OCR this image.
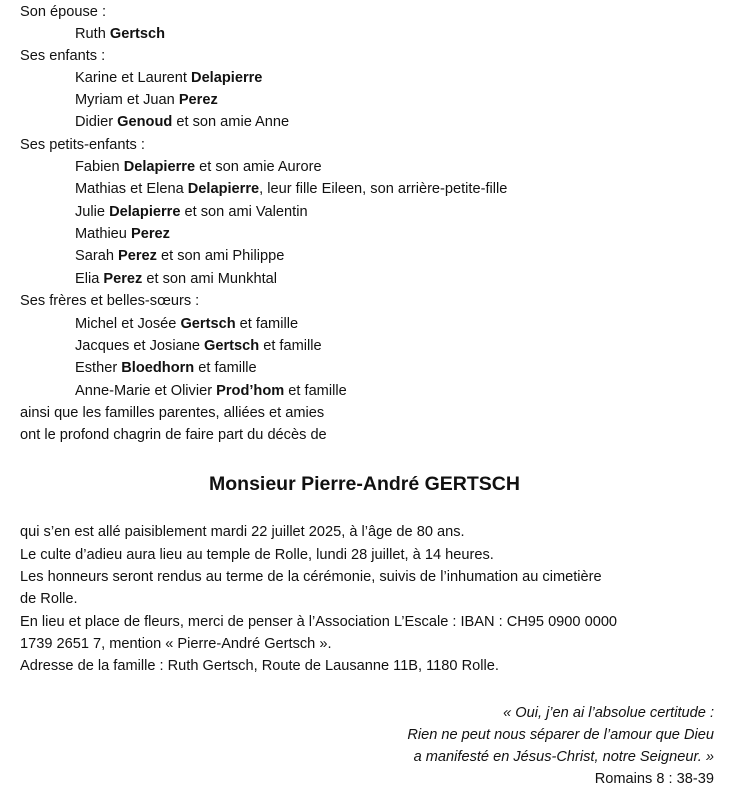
Son épouse :
Ruth Gertsch
Ses enfants :
Karine et Laurent Delapierre
Myriam et Juan Perez
Didier Genoud et son amie Anne
Ses petits-enfants :
Fabien Delapierre et son amie Aurore
Mathias et Elena Delapierre, leur fille Eileen, son arrière-petite-fille
Julie Delapierre et son ami Valentin
Mathieu Perez
Sarah Perez et son ami Philippe
Elia Perez et son ami Munkhtal
Ses frères et belles-sœurs :
Michel et Josée Gertsch et famille
Jacques et Josiane Gertsch et famille
Esther Bloedhorn et famille
Anne-Marie et Olivier Prod’hom et famille
ainsi que les familles parentes, alliées et amies
ont le profond chagrin de faire part du décès de
Monsieur Pierre-André GERTSCH
qui s’en est allé paisiblement mardi 22 juillet 2025, à l’âge de 80 ans.
Le culte d’adieu aura lieu au temple de Rolle, lundi 28 juillet, à 14 heures.
Les honneurs seront rendus au terme de la cérémonie, suivis de l’inhumation au cimetière
de Rolle.
En lieu et place de fleurs, merci de penser à l’Association L’Escale : IBAN : CH95 0900 0000
1739 2651 7, mention « Pierre-André Gertsch ».
Adresse de la famille : Ruth Gertsch, Route de Lausanne 11B, 1180 Rolle.
« Oui, j’en ai l’absolue certitude :
Rien ne peut nous séparer de l’amour que Dieu
a manifesté en Jésus-Christ, notre Seigneur. »
Romains 8 : 38-39
